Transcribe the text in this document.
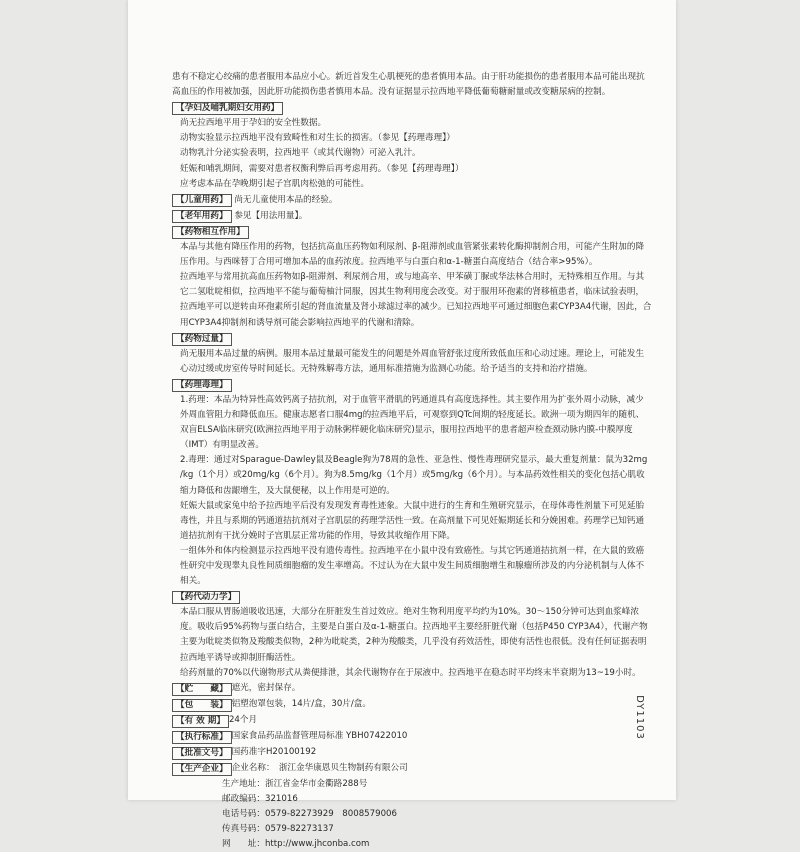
患有不稳定心绞痛的患者服用本品应小心。新近首发生心肌梗死的患者慎用本品。由于肝功能损伤的患者服用本品可能出现抗高血压的作用被加强，因此肝功能损伤患者慎用本品。没有证据显示拉西地平降低葡萄糖耐量或改变糖尿病的控制。

【孕妇及哺乳期妇女用药】

尚无拉西地平用于孕妇的安全性数据。

动物实验显示拉西地平没有致畸性和对生长的损害。（参见【药理毒理】）

动物乳汁分泌实验表明，拉西地平（或其代谢物）可泌入乳汁。

妊娠和哺乳期间，需要对患者权衡利弊后再考虑用药。（参见【药理毒理】）

应考虑本品在孕晚期引起子宫肌肉松弛的可能性。

【儿童用药】 尚无儿童使用本品的经验。
【老年用药】 参见【用法用量】。
【药物相互作用】

本品与其他有降压作用的药物，包括抗高血压药物如利尿剂、β-阻滞剂或血管紧张素转化酶抑制剂合用，可能产生附加的降压作用。与西咪替丁合用可增加本品的血药浓度。拉西地平与白蛋白和α-1-糖蛋白高度结合（结合率>95%）。

拉西地平与常用抗高血压药物如β-阻滞剂、利尿剂合用，或与地高辛、甲苯磺丁脲或华法林合用时，无特殊相互作用。与其它二氢吡啶相似，拉西地平不能与葡萄柚汁同服，因其生物利用度会改变。对于服用环孢素的肾移植患者，临床试验表明，拉西地平可以逆转由环孢素所引起的肾血流量及肾小球滤过率的减少。已知拉西地平可通过细胞色素CYP3A4代谢，因此，合用CYP3A4抑制剂和诱导剂可能会影响拉西地平的代谢和清除。

【药物过量】

尚无服用本品过量的病例。服用本品过量最可能发生的问题是外周血管舒张过度所致低血压和心动过速。理论上，可能发生心动过缓或房室传导时间延长。无特殊解毒方法，通用标准措施为监测心功能。给予适当的支持和治疗措施。

【药理毒理】

1.药理：本品为特异性高效钙离子拮抗剂，对于血管平滑肌的钙通道具有高度选择性。其主要作用为扩张外周小动脉，减少外周血管阻力和降低血压。健康志愿者口服4mg的拉西地平后，可观察到QTc间期的轻度延长。欧洲一项为期四年的随机、双盲ELSA临床研究(欧洲拉西地平用于动脉粥样硬化临床研究)显示，服用拉西地平的患者超声检查颈动脉内膜-中膜厚度（IMT）有明显改善。

2.毒理：通过对Sparague-Dawley鼠及Beagle狗为78周的急性、亚急性、慢性毒理研究显示，最大重复剂量：鼠为32mg /kg（1个月）或20mg/kg（6个月）。狗为8.5mg/kg（1个月）或5mg/kg（6个月）。与本品药效性相关的变化包括心肌收缩力降低和齿龈增生，及大鼠便秘，以上作用是可逆的。

妊娠大鼠或家兔中给予拉西地平后没有发现发育毒性迹象。大鼠中进行的生育和生殖研究显示，在母体毒性剂量下可见延胎毒性，并且与系期的钙通道拮抗剂对子宫肌层的药理学活性一致。在高剂量下可见妊娠期延长和分娩困难。药理学已知钙通道拮抗剂有干扰分娩时子宫肌层正常功能的作用，导致其收缩作用下降。

一组体外和体内检测显示拉西地平没有遗传毒性。拉西地平在小鼠中没有致癌性。与其它钙通道拮抗剂一样，在大鼠的致癌性研究中发现睾丸良性间质细胞瘤的发生率增高。不过认为在大鼠中发生间质细胞增生和腺瘤所涉及的内分泌机制与人体不相关。

【药代动力学】

本品口服从胃肠道吸收迅速，大部分在肝脏发生首过效应。绝对生物利用度平均约为10%。30～150分钟可达到血浆峰浓度。吸收后95%药物与蛋白结合，主要是白蛋白及α-1-糖蛋白。拉西地平主要经肝脏代谢（包括P450 CYP3A4），代谢产物主要为吡啶类似物及羧酸类似物，2种为吡啶类，2种为羧酸类，几乎没有药效活性，即使有活性也很低。没有任何证据表明拉西地平诱导或抑制肝酶活性。

给药剂量的70%以代谢物形式从粪便排泄，其余代谢物存在于尿液中。拉西地平在稳态时平均终末半衰期为13~19小时。

【贮　　藏】 遮光，密封保存。
【包　　装】 铝塑泡罩包装，14片/盒，30片/盒。
【有 效 期】 24个月
【执行标准】 国家食品药品监督管理局标准 YBH07422010
【批准文号】 国药准字H20100192
【生产企业】 企业名称：　浙江金华康恩贝生物制药有限公司
生产地址： 浙江省金华市金衢路288号
邮政编码： 321016
电话号码： 0579-82273929　8008579006
传真号码： 0579-82273137
网　　址： http://www.jhconba.com
DY1103
